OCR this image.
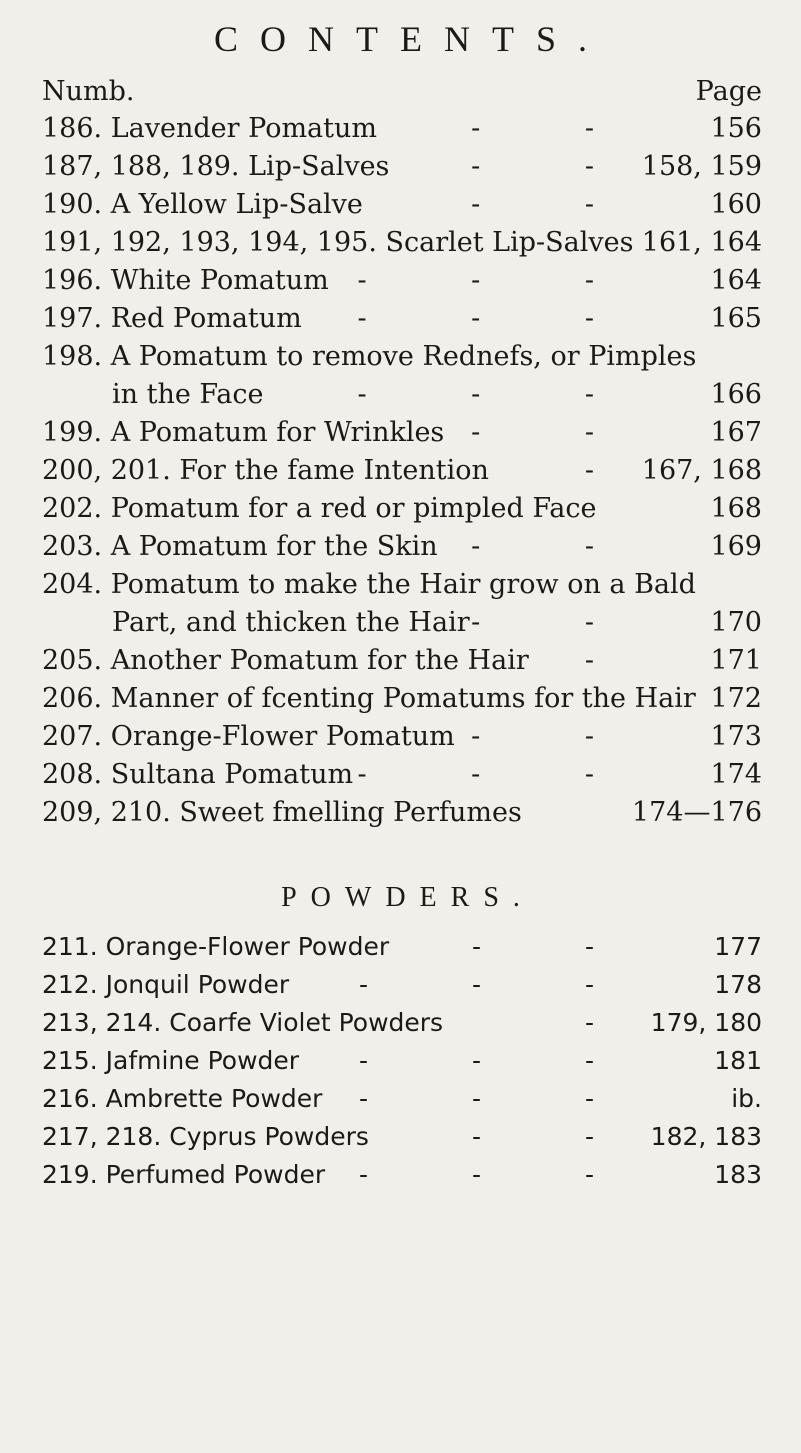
CONTENTS.
Numb.	Page
186. Lavender Pomatum	- -	156
187, 188, 189. Lip-Salves	- - 158, 159
190. A Yellow Lip-Salve	- -	160
191, 192, 193, 194, 195. Scarlet Lip-Salves 161, 164
196. White Pomatum - - -	164
197. Red Pomatum - - -	165
198. A Pomatum to remove Rednefs, or Pimples
in the Face	- - -	166
199. A Pomatum for Wrinkles - -	167
200, 201. For the fame Intention	- 167, 168
202. Pomatum for a red or pimpled Face	168
203. A Pomatum for the Skin - -	169
204. Pomatum to make the Hair grow on a Bald
Part, and thicken the Hair - -	170
205. Another Pomatum for the Hair -	171
206. Manner of fcenting Pomatums for the Hair 172
207. Orange-Flower Pomatum - -	173
208. Sultana Pomatum - - -	174
209, 210. Sweet fmelling Perfumes	174—176
POWDERS.
211. Orange-Flower Powder	- -	177
212. Jonquil Powder	- - -	178
213, 214. Coarfe Violet Powders	- 179, 180
215. Jafmine Powder - - -	181
216. Ambrette Powder - - -	ib.
217, 218. Cyprus Powders	- - 182, 183
219. Perfumed Powder - - -	183
